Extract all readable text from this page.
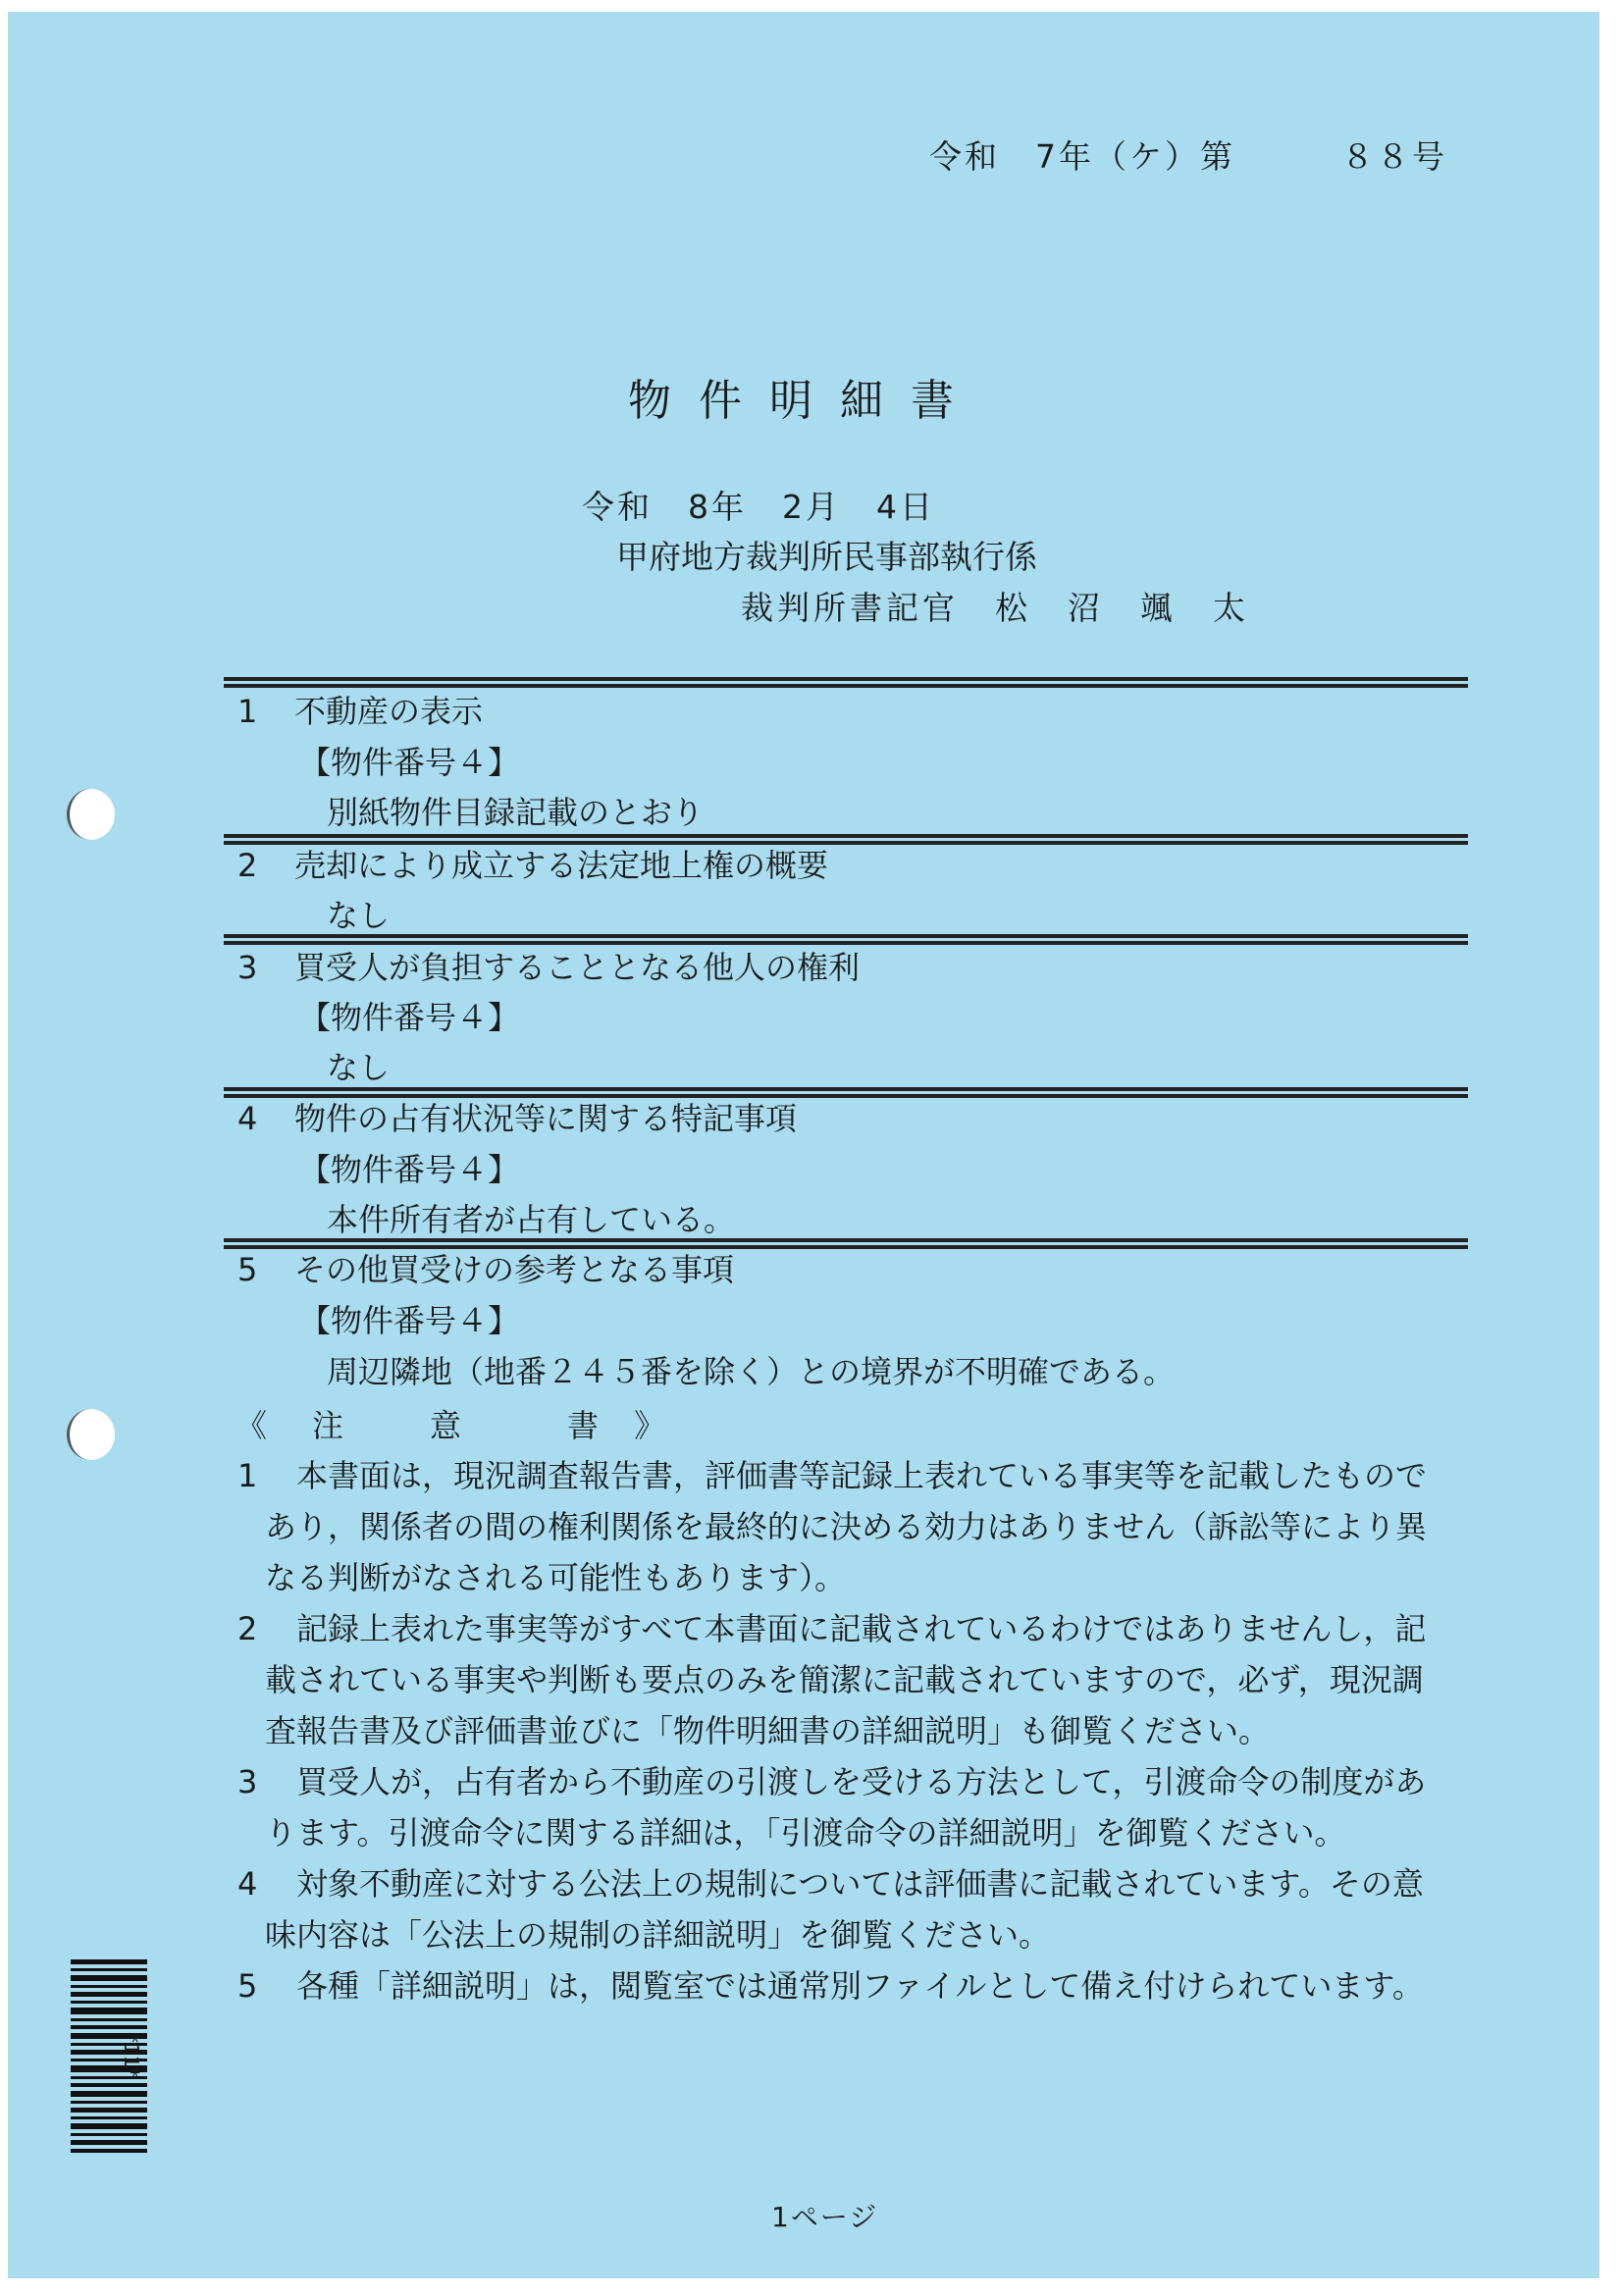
令和　7年（ケ）第　　　８８号
物件明細書
令和　8年　2月　4日
甲府地方裁判所民事部執行係
裁判所書記官　松　沼　颯　太
1 不動産の表示
【物件番号４】
別紙物件目録記載のとおり
2 売却により成立する法定地上権の概要
なし
3 買受人が負担することとなる他人の権利
【物件番号４】
なし
4 物件の占有状況等に関する特記事項
【物件番号４】
本件所有者が占有している。
5 その他買受けの参考となる事項
【物件番号４】
周辺隣地（地番２４５番を除く）との境界が不明確である。
《 注	意	書 》
1　 本書面は，現況調査報告書，評価書等記録上表れている事実等を記載したもので
あり，関係者の間の権利関係を最終的に決める効力はありません（訴訟等により異
なる判断がなされる可能性もあります）。
2　 記録上表れた事実等がすべて本書面に記載されているわけではありませんし，記
載されている事実や判断も要点のみを簡潔に記載されていますので，必ず，現況調
査報告書及び評価書並びに「物件明細書の詳細説明」も御覧ください。
3　 買受人が，占有者から不動産の引渡しを受ける方法として，引渡命令の制度があ
ります。引渡命令に関する詳細は，「引渡命令の詳細説明」を御覧ください。
4　 対象不動産に対する公法上の規制については評価書に記載されています。その意
味内容は「公法上の規制の詳細説明」を御覧ください。
5　 各種「詳細説明」は，閲覧室では通常別ファイルとして備え付けられています。
*11*
1ページ
